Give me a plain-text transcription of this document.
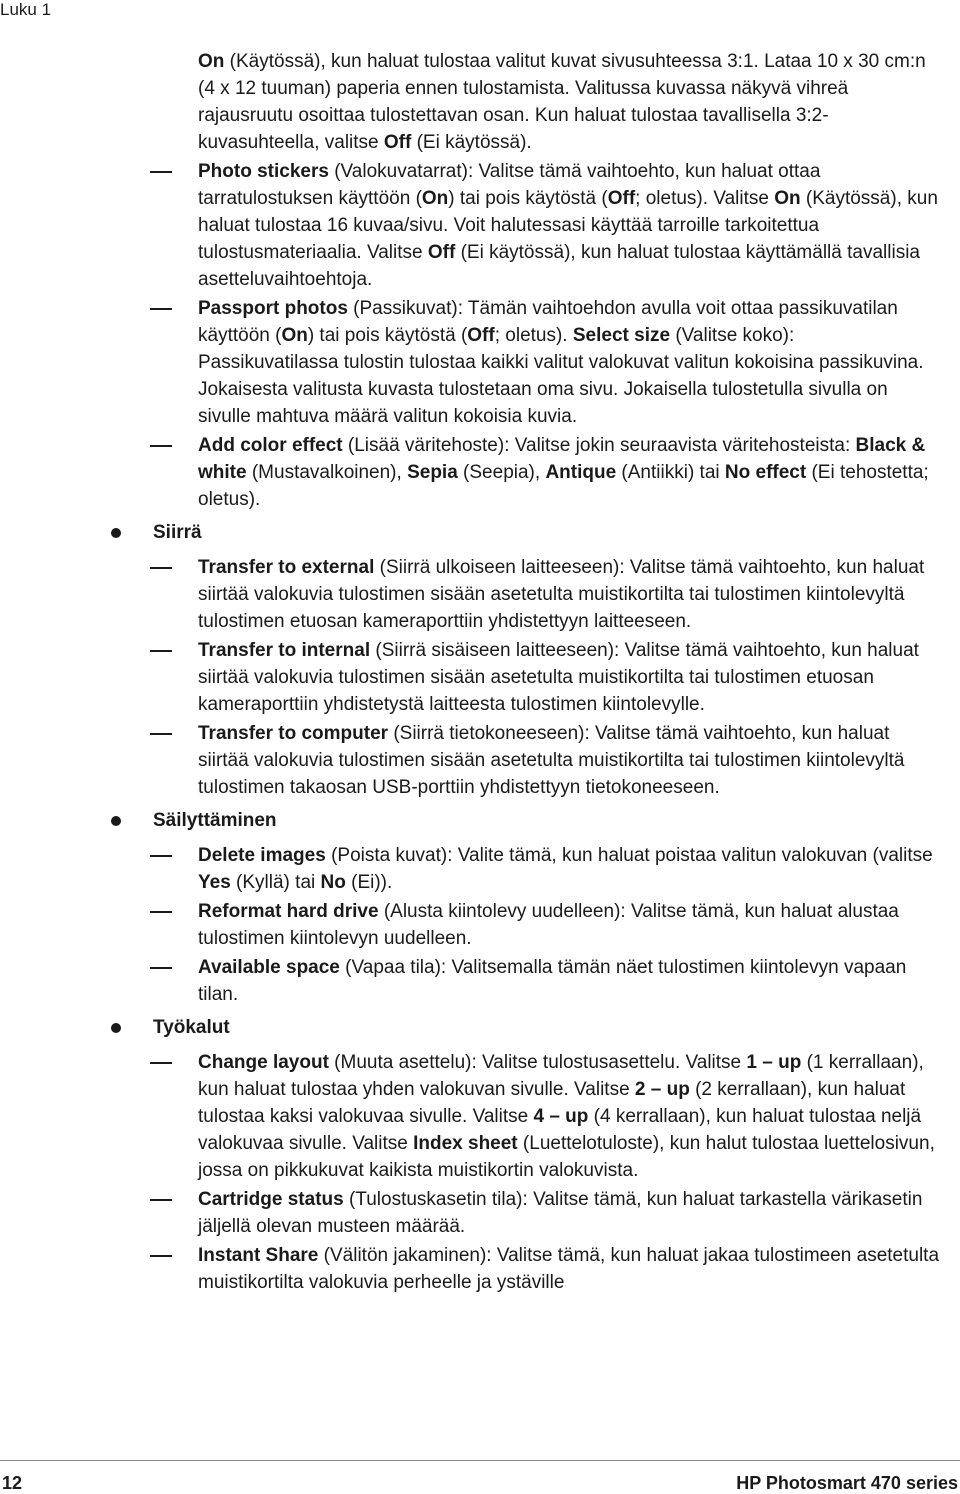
Luku 1

On (Käytössä), kun haluat tulostaa valitut kuvat sivusuhteessa 3:1. Lataa 10 x 30 cm:n (4 x 12 tuuman) paperia ennen tulostamista. Valitussa kuvassa näkyvä vihreä rajausruutu osoittaa tulostettavan osan. Kun haluat tulostaa tavallisella 3:2-kuvasuhteella, valitse Off (Ei käytössä).

Photo stickers (Valokuvatarrat): Valitse tämä vaihtoehto, kun haluat ottaa tarratulostuksen käyttöön (On) tai pois käytöstä (Off; oletus). Valitse On (Käytössä), kun haluat tulostaa 16 kuvaa/sivu. Voit halutessasi käyttää tarroille tarkoitettua tulostusmateriaalia. Valitse Off (Ei käytössä), kun haluat tulostaa käyttämällä tavallisia asetteluvaihtoehtoja.
Passport photos (Passikuvat): Tämän vaihtoehdon avulla voit ottaa passikuvatilan käyttöön (On) tai pois käytöstä (Off; oletus). Select size (Valitse koko): Passikuvatilassa tulostin tulostaa kaikki valitut valokuvat valitun kokoisina passikuvina. Jokaisesta valitusta kuvasta tulostetaan oma sivu. Jokaisella tulostetulla sivulla on sivulle mahtuva määrä valitun kokoisia kuvia.
Add color effect (Lisää väritehoste): Valitse jokin seuraavista väritehosteista: Black & white (Mustavalkoinen), Sepia (Seepia), Antique (Antiikki) tai No effect (Ei tehostetta; oletus).
Siirrä
Transfer to external (Siirrä ulkoiseen laitteeseen): Valitse tämä vaihtoehto, kun haluat siirtää valokuvia tulostimen sisään asetetulta muistikortilta tai tulostimen kiintolevyltä tulostimen etuosan kameraporttiin yhdistettyyn laitteeseen.
Transfer to internal (Siirrä sisäiseen laitteeseen): Valitse tämä vaihtoehto, kun haluat siirtää valokuvia tulostimen sisään asetetulta muistikortilta tai tulostimen etuosan kameraporttiin yhdistetystä laitteesta tulostimen kiintolevylle.
Transfer to computer (Siirrä tietokoneeseen): Valitse tämä vaihtoehto, kun haluat siirtää valokuvia tulostimen sisään asetetulta muistikortilta tai tulostimen kiintolevyltä tulostimen takaosan USB-porttiin yhdistettyyn tietokoneeseen.
Säilyttäminen
Delete images (Poista kuvat): Valite tämä, kun haluat poistaa valitun valokuvan (valitse Yes (Kyllä) tai No (Ei)).
Reformat hard drive (Alusta kiintolevy uudelleen): Valitse tämä, kun haluat alustaa tulostimen kiintolevyn uudelleen.
Available space (Vapaa tila): Valitsemalla tämän näet tulostimen kiintolevyn vapaan tilan.
Työkalut
Change layout (Muuta asettelu): Valitse tulostusasettelu. Valitse 1 – up (1 kerrallaan), kun haluat tulostaa yhden valokuvan sivulle. Valitse 2 – up (2 kerrallaan), kun haluat tulostaa kaksi valokuvaa sivulle. Valitse 4 – up (4 kerrallaan), kun haluat tulostaa neljä valokuvaa sivulle. Valitse Index sheet (Luettelotuloste), kun halut tulostaa luettelosivun, jossa on pikkukuvat kaikista muistikortin valokuvista.
Cartridge status (Tulostuskasetin tila): Valitse tämä, kun haluat tarkastella värikasetin jäljellä olevan musteen määrää.
Instant Share (Välitön jakaminen): Valitse tämä, kun haluat jakaa tulostimeen asetetulta muistikortilta valokuvia perheelle ja ystäville
12	HP Photosmart 470 series
